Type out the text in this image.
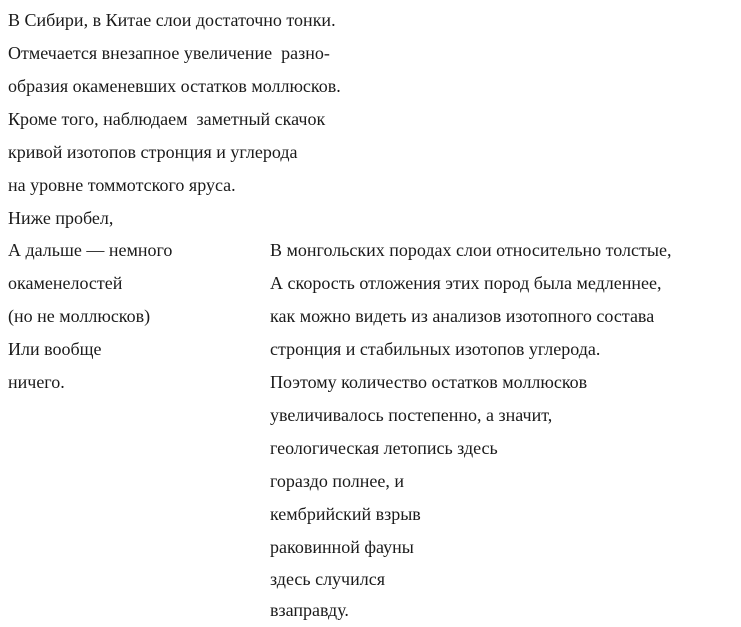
В Сибири, в Китае слои достаточно тонки.
Отмечается внезапное увеличение  разно-
образия окаменевших остатков моллюсков.
Кроме того, наблюдаем  заметный скачок
кривой изотопов стронция и углерода
на уровне томмотского яруса.
Ниже пробел,
А дальше — немного
окаменелостей
(но не моллюсков)
Или вообще
ничего.
В монгольских породах слои относительно толстые,
А скорость отложения этих пород была медленнее,
как можно видеть из анализов изотопного состава
стронция и стабильных изотопов углерода.
Поэтому количество остатков моллюсков
увеличивалось постепенно, а значит,
геологическая летопись здесь
гораздо полнее, и
кембрийский взрыв
раковинной фауны
здесь случился
взаправду.
